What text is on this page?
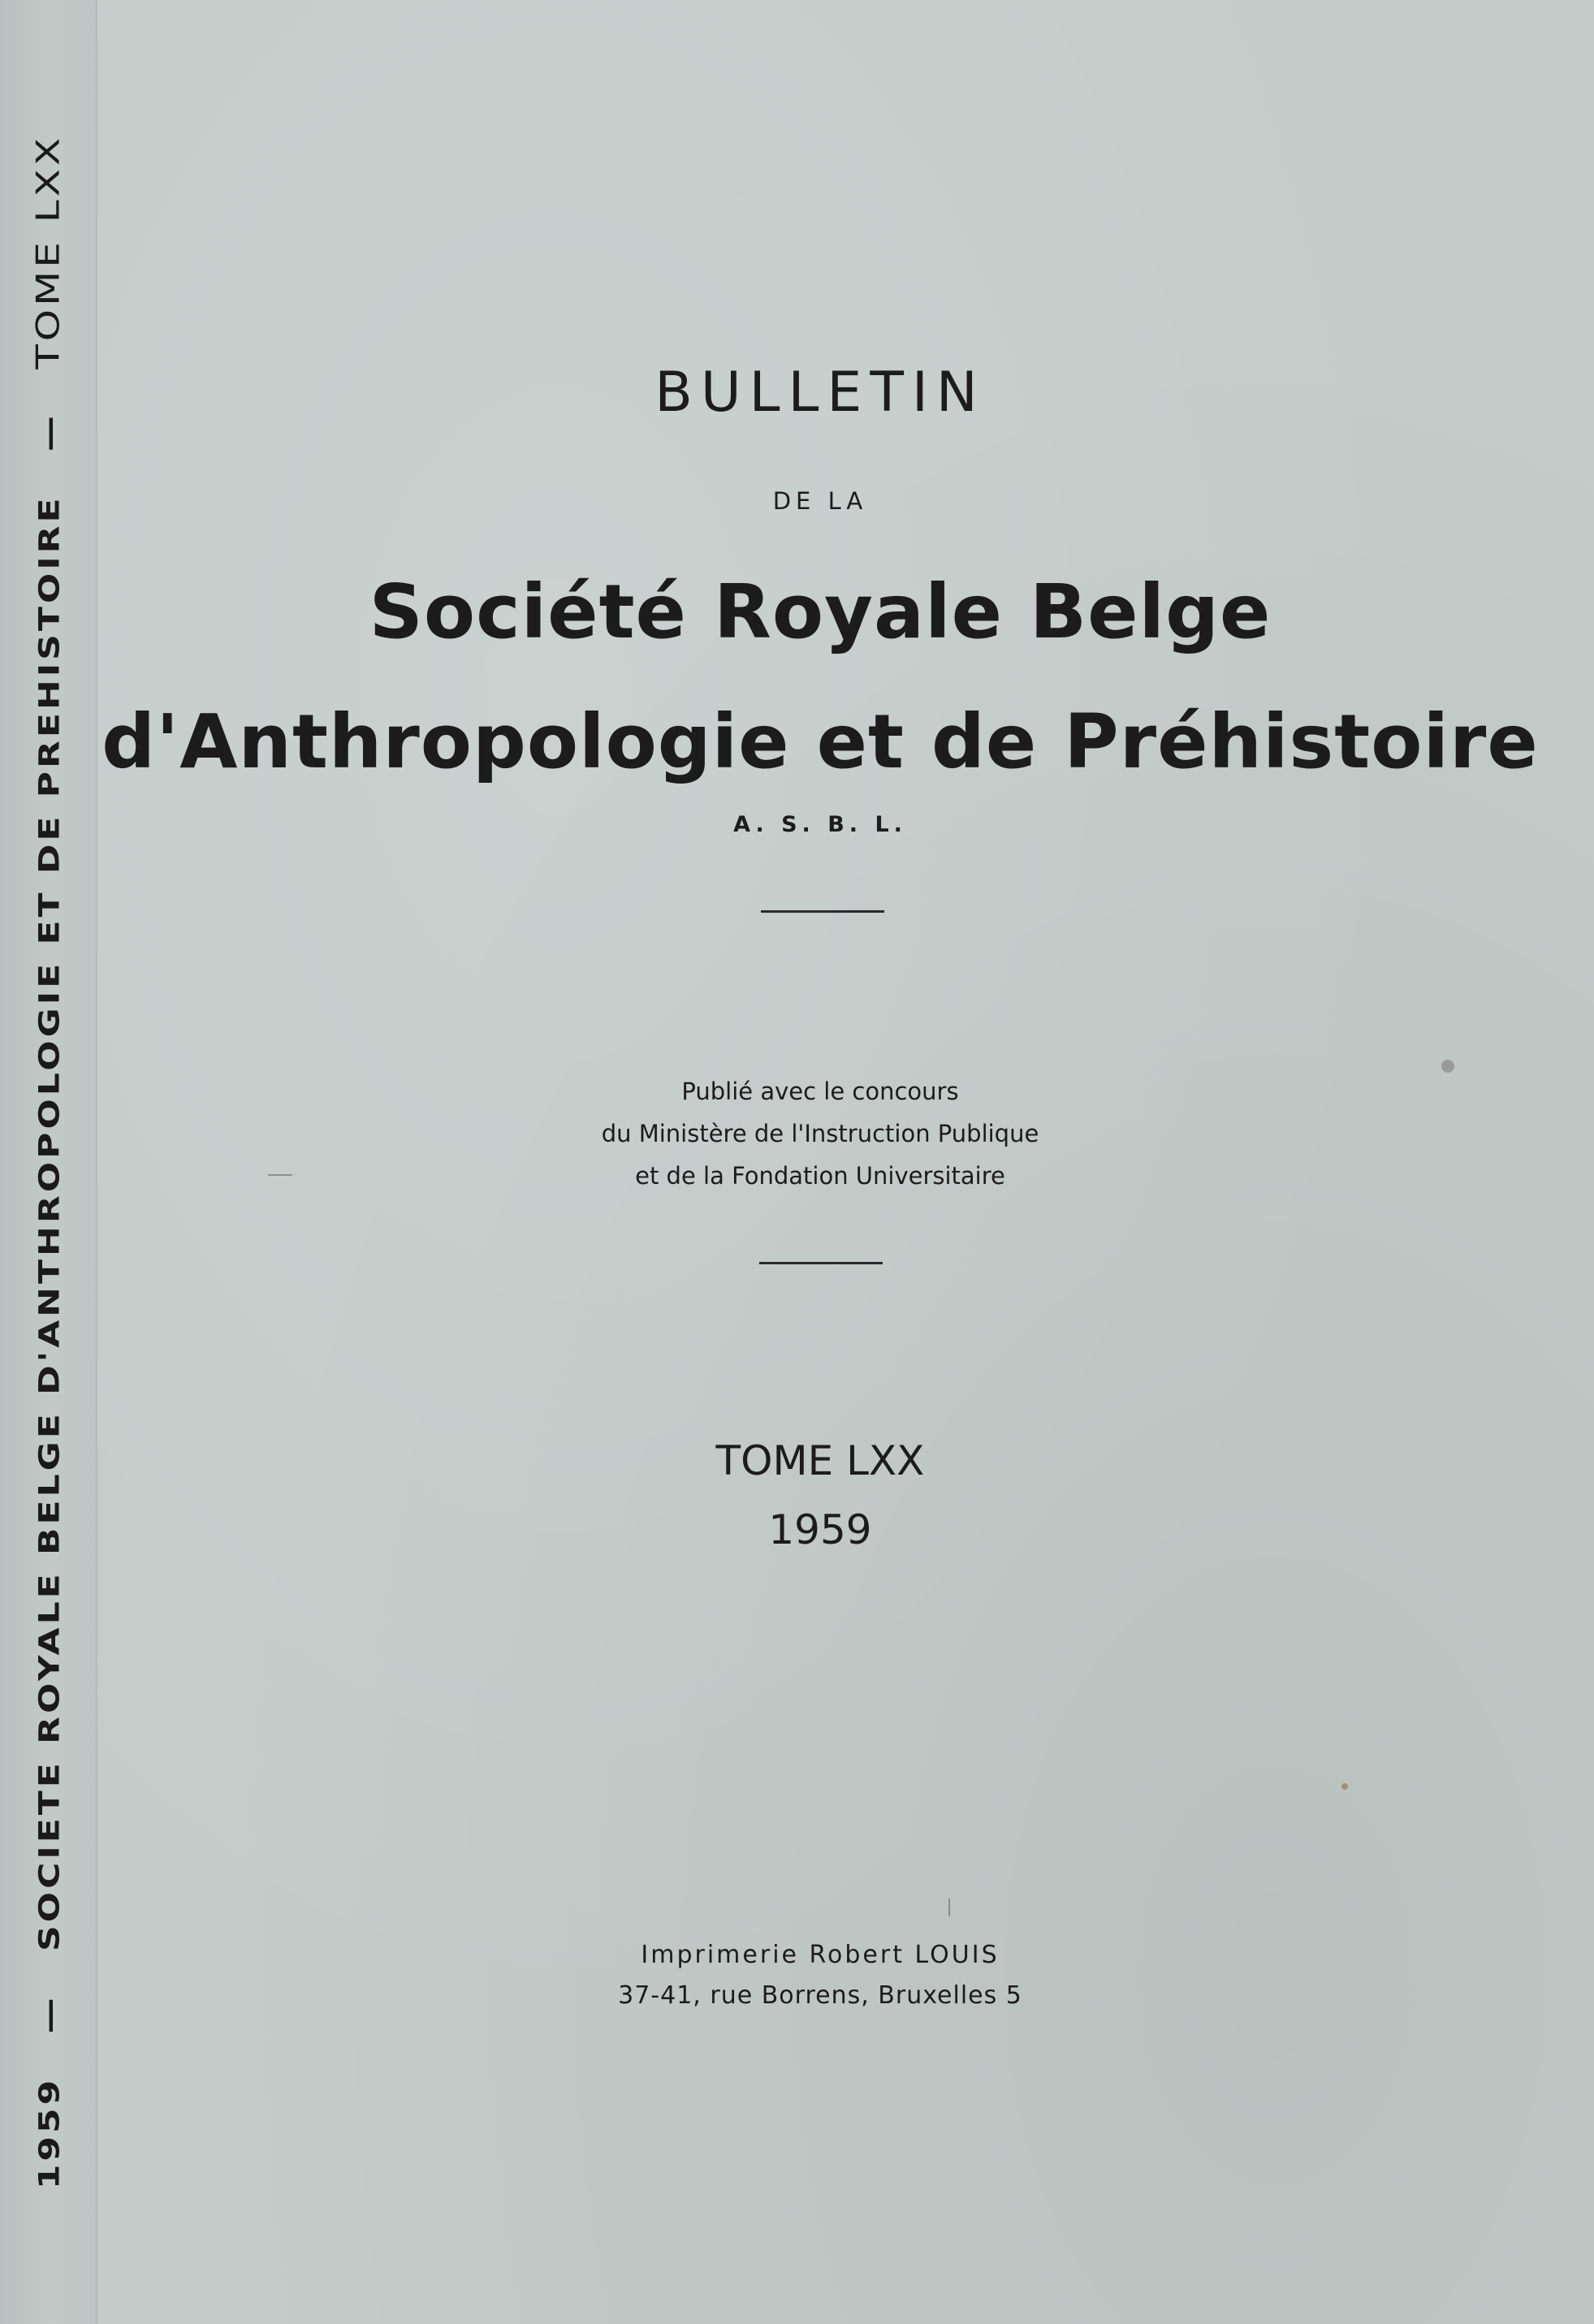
1959 — SOCIETE ROYALE BELGE D'ANTHROPOLOGIE ET DE PREHISTOIRE — TOME LXX
BULLETIN
DE LA
Société Royale Belge
d'Anthropologie et de Préhistoire
A. S. B. L.
Publié avec le concours
du Ministère de l'Instruction Publique
et de la Fondation Universitaire
TOME LXX
1959
Imprimerie Robert LOUIS
37-41, rue Borrens, Bruxelles 5
